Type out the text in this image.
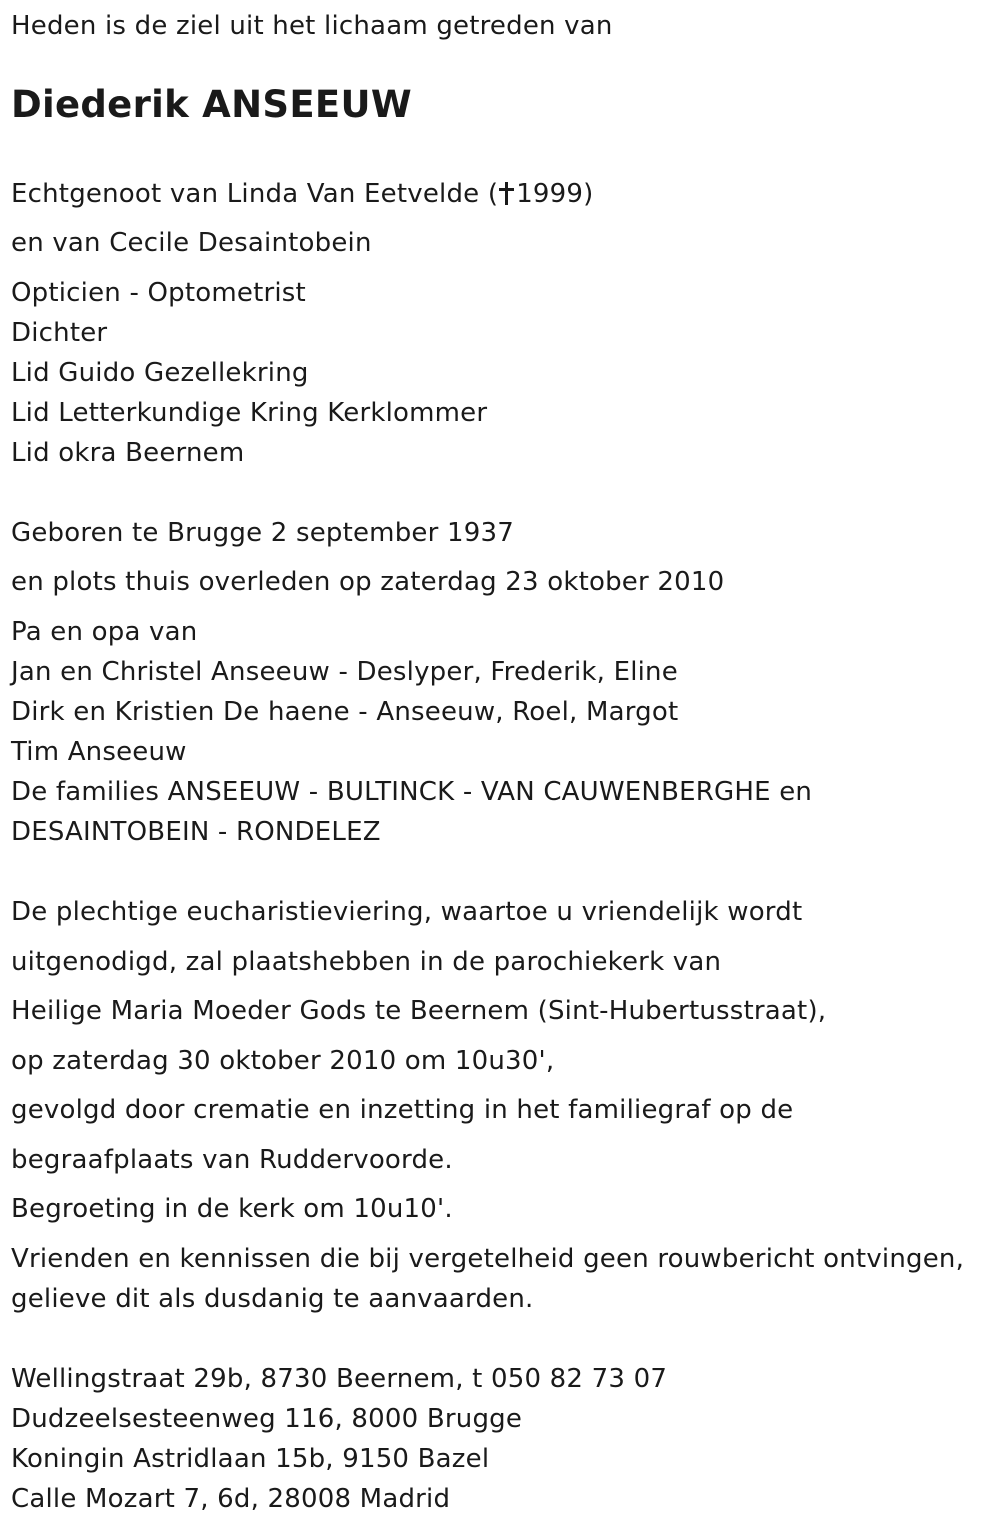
Heden is de ziel uit het lichaam getreden van
Diederik ANSEEUW
Echtgenoot van Linda Van Eetvelde ( 1999)
en van Cecile Desaintobein
Opticien - Optometrist
Dichter
Lid Guido Gezellekring
Lid Letterkundige Kring Kerklommer
Lid okra Beernem
Geboren te Brugge 2 september 1937
en plots thuis overleden op zaterdag 23 oktober 2010
Pa en opa van
Jan en Christel Anseeuw - Deslyper, Frederik, Eline
Dirk en Kristien De haene - Anseeuw, Roel, Margot
Tim Anseeuw
De families ANSEEUW - BULTINCK - VAN CAUWENBERGHE en
DESAINTOBEIN - RONDELEZ
De plechtige eucharistieviering, waartoe u vriendelijk wordt
uitgenodigd, zal plaatshebben in de parochiekerk van
Heilige Maria Moeder Gods te Beernem (Sint-Hubertusstraat),
op zaterdag 30 oktober 2010 om 10u30',
gevolgd door crematie en inzetting in het familiegraf op de
begraafplaats van Ruddervoorde.
Begroeting in de kerk om 10u10'.
Vrienden en kennissen die bij vergetelheid geen rouwbericht ontvingen,
gelieve dit als dusdanig te aanvaarden.
Wellingstraat 29b, 8730 Beernem, t 050 82 73 07
Dudzeelsesteenweg 116, 8000 Brugge
Koningin Astridlaan 15b, 9150 Bazel
Calle Mozart 7, 6d, 28008 Madrid
